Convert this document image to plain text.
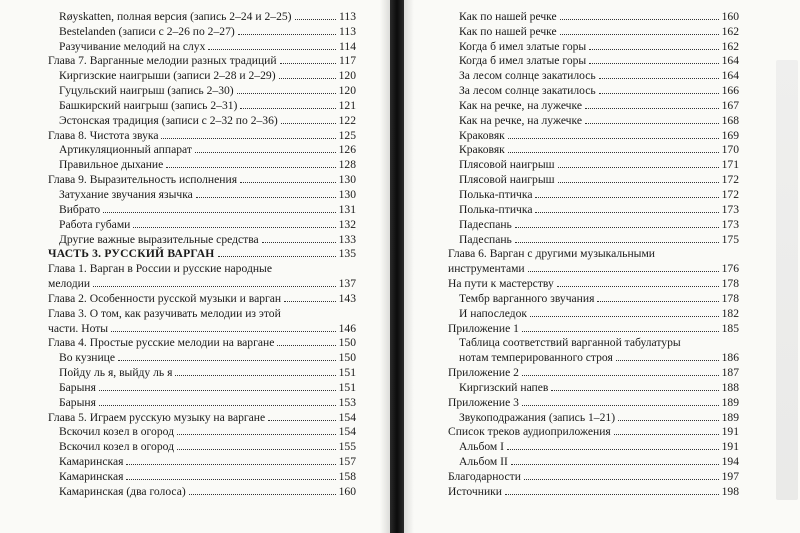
Røyskatten, полная версия (запись 2–24 и 2–25)	113
Bestelanden (записи с 2–26 по 2–27)	113
Разучивание мелодий на слух	114
Глава 7. Варганные мелодии разных традиций	117
Киргизские наигрыши (записи 2–28 и 2–29)	120
Гуцульский наигрыш (запись 2–30)	120
Башкирский наигрыш (запись 2–31)	121
Эстонская традиция (записи с 2–32 по 2–36)	122
Глава 8. Чистота звука	125
Артикуляционный аппарат	126
Правильное дыхание	128
Глава 9. Выразительность исполнения	130
Затухание звучания язычка	130
Вибрато	131
Работа губами	132
Другие важные выразительные средства	133
ЧАСТЬ 3. РУССКИЙ ВАРГАН	135
Глава 1. Варган в России и русские народные
мелодии	137
Глава 2. Особенности русской музыки и варган	143
Глава 3. О том, как разучивать мелодии из этой
части. Ноты	146
Глава 4. Простые русские мелодии на варгане	150
Во кузнице	150
Пойду ль я, выйду ль я	151
Барыня	151
Барыня	153
Глава 5. Играем русскую музыку на варгане	154
Вскочил козел в огород	154
Вскочил козел в огород	155
Камаринская	157
Камаринская	158
Камаринская (два голоса)	160
Как по нашей речке	160
Как по нашей речке	162
Когда б имел златые горы	162
Когда б имел златые горы	164
За лесом солнце закатилось	164
За лесом солнце закатилось	166
Как на речке, на лужечке	167
Как на речке, на лужечке	168
Краковяк	169
Краковяк	170
Плясовой наигрыш	171
Плясовой наигрыш	172
Полька-птичка	172
Полька-птичка	173
Падеспань	173
Падеспань	175
Глава 6. Варган с другими музыкальными
инструментами	176
На пути к мастерству	178
Тембр варганного звучания	178
И напоследок	182
Приложение 1	185
Таблица соответствий варганной табулатуры
нотам темперированного строя	186
Приложение 2	187
Киргизский напев	188
Приложение 3	189
Звукоподражания (запись 1–21)	189
Список треков аудиоприложения	191
Альбом I	191
Альбом II	194
Благодарности	197
Источники	198
